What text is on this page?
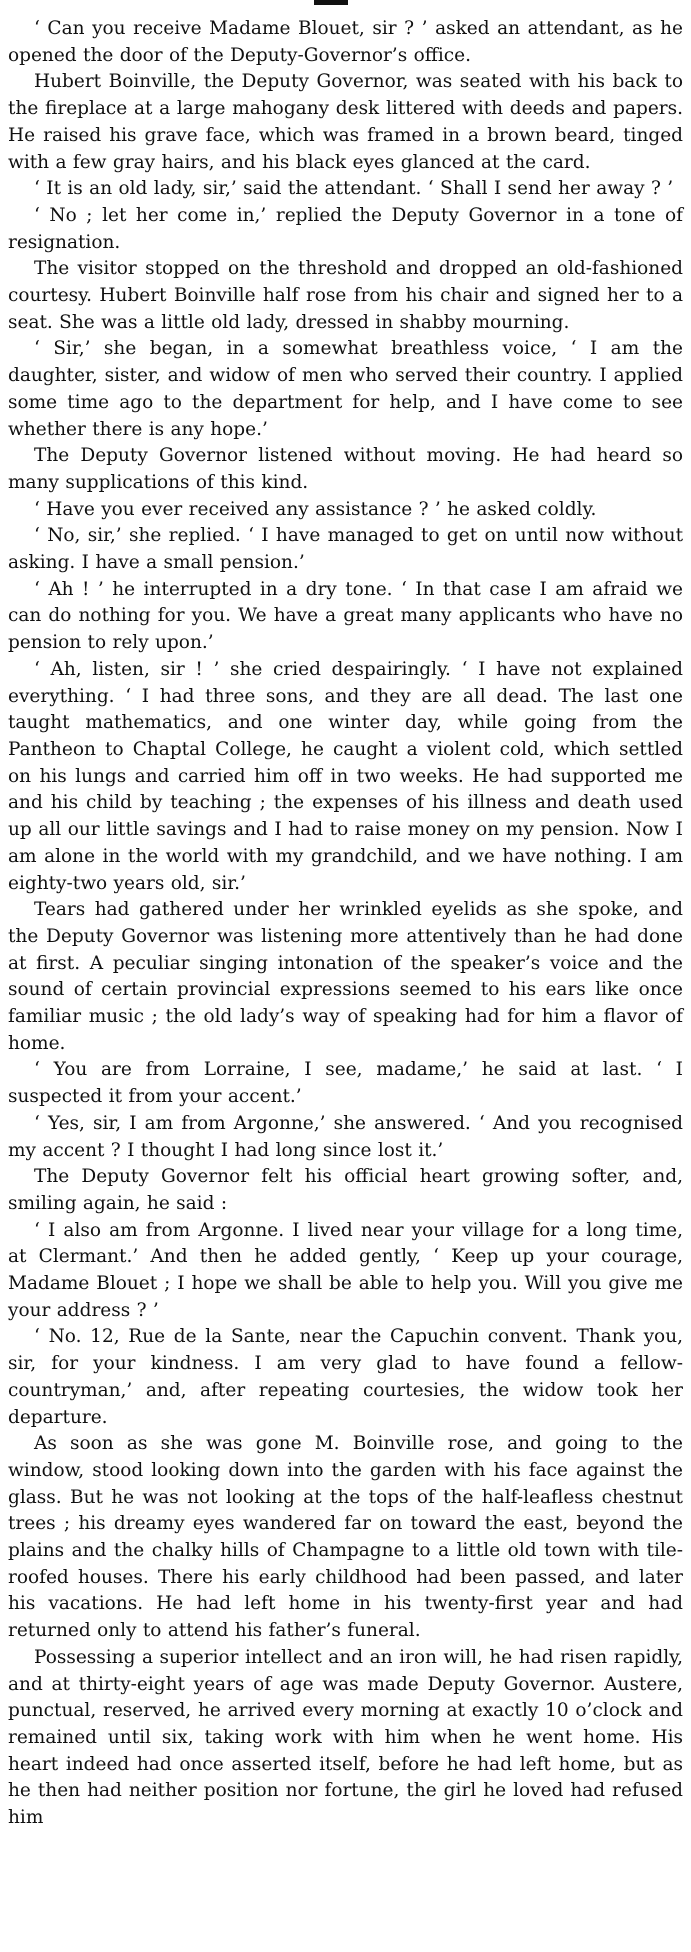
‘ Can you receive Madame Blouet, sir ? ’ asked an attendant, as he opened the door of the Deputy-Governor’s office.

Hubert Boinville, the Deputy Governor, was seated with his back to the fireplace at a large mahogany desk littered with deeds and papers. He raised his grave face, which was framed in a brown beard, tinged with a few gray hairs, and his black eyes glanced at the card.

‘ It is an old lady, sir,’ said the attendant. ‘ Shall I send her away ? ’

‘ No ; let her come in,’ replied the Deputy Governor in a tone of resignation.

The visitor stopped on the threshold and dropped an old-fashioned courtesy. Hubert Boinville half rose from his chair and signed her to a seat. She was a little old lady, dressed in shabby mourning.

‘ Sir,’ she began, in a somewhat breathless voice, ‘ I am the daughter, sister, and widow of men who served their country. I applied some time ago to the department for help, and I have come to see whether there is any hope.’

The Deputy Governor listened without moving. He had heard so many supplications of this kind.

‘ Have you ever received any assistance ? ’ he asked coldly.

‘ No, sir,’ she replied. ‘ I have managed to get on until now without asking. I have a small pension.’

‘ Ah ! ’ he interrupted in a dry tone. ‘ In that case I am afraid we can do nothing for you. We have a great many applicants who have no pension to rely upon.’

‘ Ah, listen, sir ! ’ she cried despairingly. ‘ I have not explained everything. ‘ I had three sons, and they are all dead. The last one taught mathematics, and one winter day, while going from the Pantheon to Chaptal College, he caught a violent cold, which settled on his lungs and carried him off in two weeks. He had supported me and his child by teaching ; the expenses of his illness and death used up all our little savings and I had to raise money on my pension. Now I am alone in the world with my grandchild, and we have nothing. I am eighty-two years old, sir.’

Tears had gathered under her wrinkled eyelids as she spoke, and the Deputy Governor was listening more attentively than he had done at first. A peculiar singing intonation of the speaker’s voice and the sound of certain provincial expressions seemed to his ears like once familiar music ; the old lady’s way of speaking had for him a flavor of home.

‘ You are from Lorraine, I see, madame,’ he said at last. ‘ I suspected it from your accent.’

‘ Yes, sir, I am from Argonne,’ she answered. ‘ And you recognised my accent ? I thought I had long since lost it.’

The Deputy Governor felt his official heart growing softer, and, smiling again, he said :

‘ I also am from Argonne. I lived near your village for a long time, at Clermant.’ And then he added gently, ‘ Keep up your courage, Madame Blouet ; I hope we shall be able to help you. Will you give me your address ? ’

‘ No. 12, Rue de la Sante, near the Capuchin convent. Thank you, sir, for your kindness. I am very glad to have found a fellow-countryman,’ and, after repeating courtesies, the widow took her departure.

As soon as she was gone M. Boinville rose, and going to the window, stood looking down into the garden with his face against the glass. But he was not looking at the tops of the half-leafless chestnut trees ; his dreamy eyes wandered far on toward the east, beyond the plains and the chalky hills of Champagne to a little old town with tile-roofed houses. There his early childhood had been passed, and later his vacations. He had left home in his twenty-first year and had returned only to attend his father’s funeral.

Possessing a superior intellect and an iron will, he had risen rapidly, and at thirty-eight years of age was made Deputy Governor. Austere, punctual, reserved, he arrived every morning at exactly 10 o’clock and remained until six, taking work with him when he went home. His heart indeed had once asserted itself, before he had left home, but as he then had neither position nor fortune, the girl he loved had refused him
